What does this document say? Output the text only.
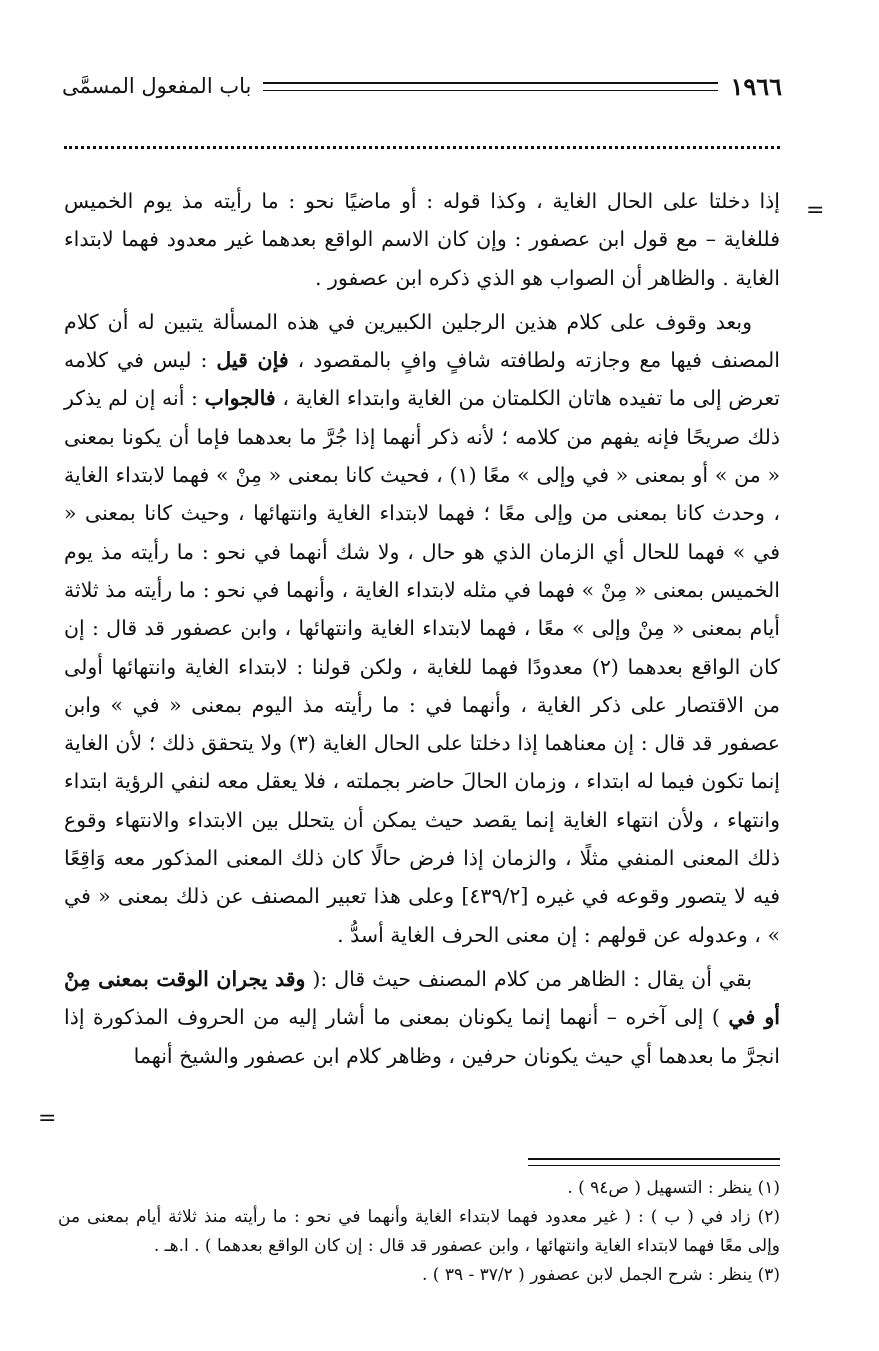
١٩٦٦
باب المفعول المسمَّى
=

إذا دخلتا على الحال الغاية ، وكذا قوله : أو ماضيًا نحو : ما رأيته مذ يوم الخميس فللغاية – مع قول ابن عصفور : وإن كان الاسم الواقع بعدهما غير معدود فهما لابتداء الغاية . والظاهر أن الصواب هو الذي ذكره ابن عصفور .

وبعد وقوف على كلام هذين الرجلين الكبيرين في هذه المسألة يتبين له أن كلام المصنف فيها مع وجازته ولطافته شافٍ وافٍ بالمقصود ، فإن قيل : ليس في كلامه تعرض إلى ما تفيده هاتان الكلمتان من الغاية وابتداء الغاية ، فالجواب : أنه إن لم يذكر ذلك صريحًا فإنه يفهم من كلامه ؛ لأنه ذكر أنهما إذا جُرَّ ما بعدهما فإما أن يكونا بمعنى « من » أو بمعنى « في وإلى » معًا (١) ، فحيث كانا بمعنى « مِنْ » فهما لابتداء الغاية ، وحدث كانا بمعنى من وإلى معًا ؛ فهما لابتداء الغاية وانتهائها ، وحيث كانا بمعنى « في » فهما للحال أي الزمان الذي هو حال ، ولا شك أنهما في نحو : ما رأيته مذ يوم الخميس بمعنى « مِنْ » فهما في مثله لابتداء الغاية ، وأنهما في نحو : ما رأيته مذ ثلاثة أيام بمعنى « مِنْ وإلى » معًا ، فهما لابتداء الغاية وانتهائها ، وابن عصفور قد قال : إن كان الواقع بعدهما (٢) معدودًا فهما للغاية ، ولكن قولنا : لابتداء الغاية وانتهائها أولى من الاقتصار على ذكر الغاية ، وأنهما في : ما رأيته مذ اليوم بمعنى « في » وابن عصفور قد قال : إن معناهما إذا دخلتا على الحال الغاية (٣) ولا يتحقق ذلك ؛ لأن الغاية إنما تكون فيما له ابتداء ، وزمان الحالَ حاضر بجملته ، فلا يعقل معه لنفي الرؤية ابتداء وانتهاء ، ولأن انتهاء الغاية إنما يقصد حيث يمكن أن يتحلل بين الابتداء والانتهاء وقوع ذلك المعنى المنفي مثلًا ، والزمان إذا فرض حالًا كان ذلك المعنى المذكور معه وَاقِعًا فيه لا يتصور وقوعه في غيره [٤٣٩/٢] وعلى هذا تعبير المصنف عن ذلك بمعنى « في » ، وعدوله عن قولهم : إن معنى الحرف الغاية أسدُّ .

بقي أن يقال : الظاهر من كلام المصنف حيث قال :( وقد يجران الوقت بمعنى مِنْ أو في ) إلى آخره – أنهما إنما يكونان بمعنى ما أشار إليه من الحروف المذكورة إذا انجرَّ ما بعدهما أي حيث يكونان حرفين ، وظاهر كلام ابن عصفور والشيخ أنهما

=

(١) ينظر : التسهيل ( ص٩٤ ) .

(٢) زاد في ( ب ) : ( غير معدود فهما لابتداء الغاية وأنهما في نحو : ما رأيته منذ ثلاثة أيام بمعنى من وإلى معًا فهما لابتداء الغاية وانتهائها ، وابن عصفور قد قال : إن كان الواقع بعدهما ) . ا.هـ .

(٣) ينظر : شرح الجمل لابن عصفور ( ٣٧/٢ - ٣٩ ) .
